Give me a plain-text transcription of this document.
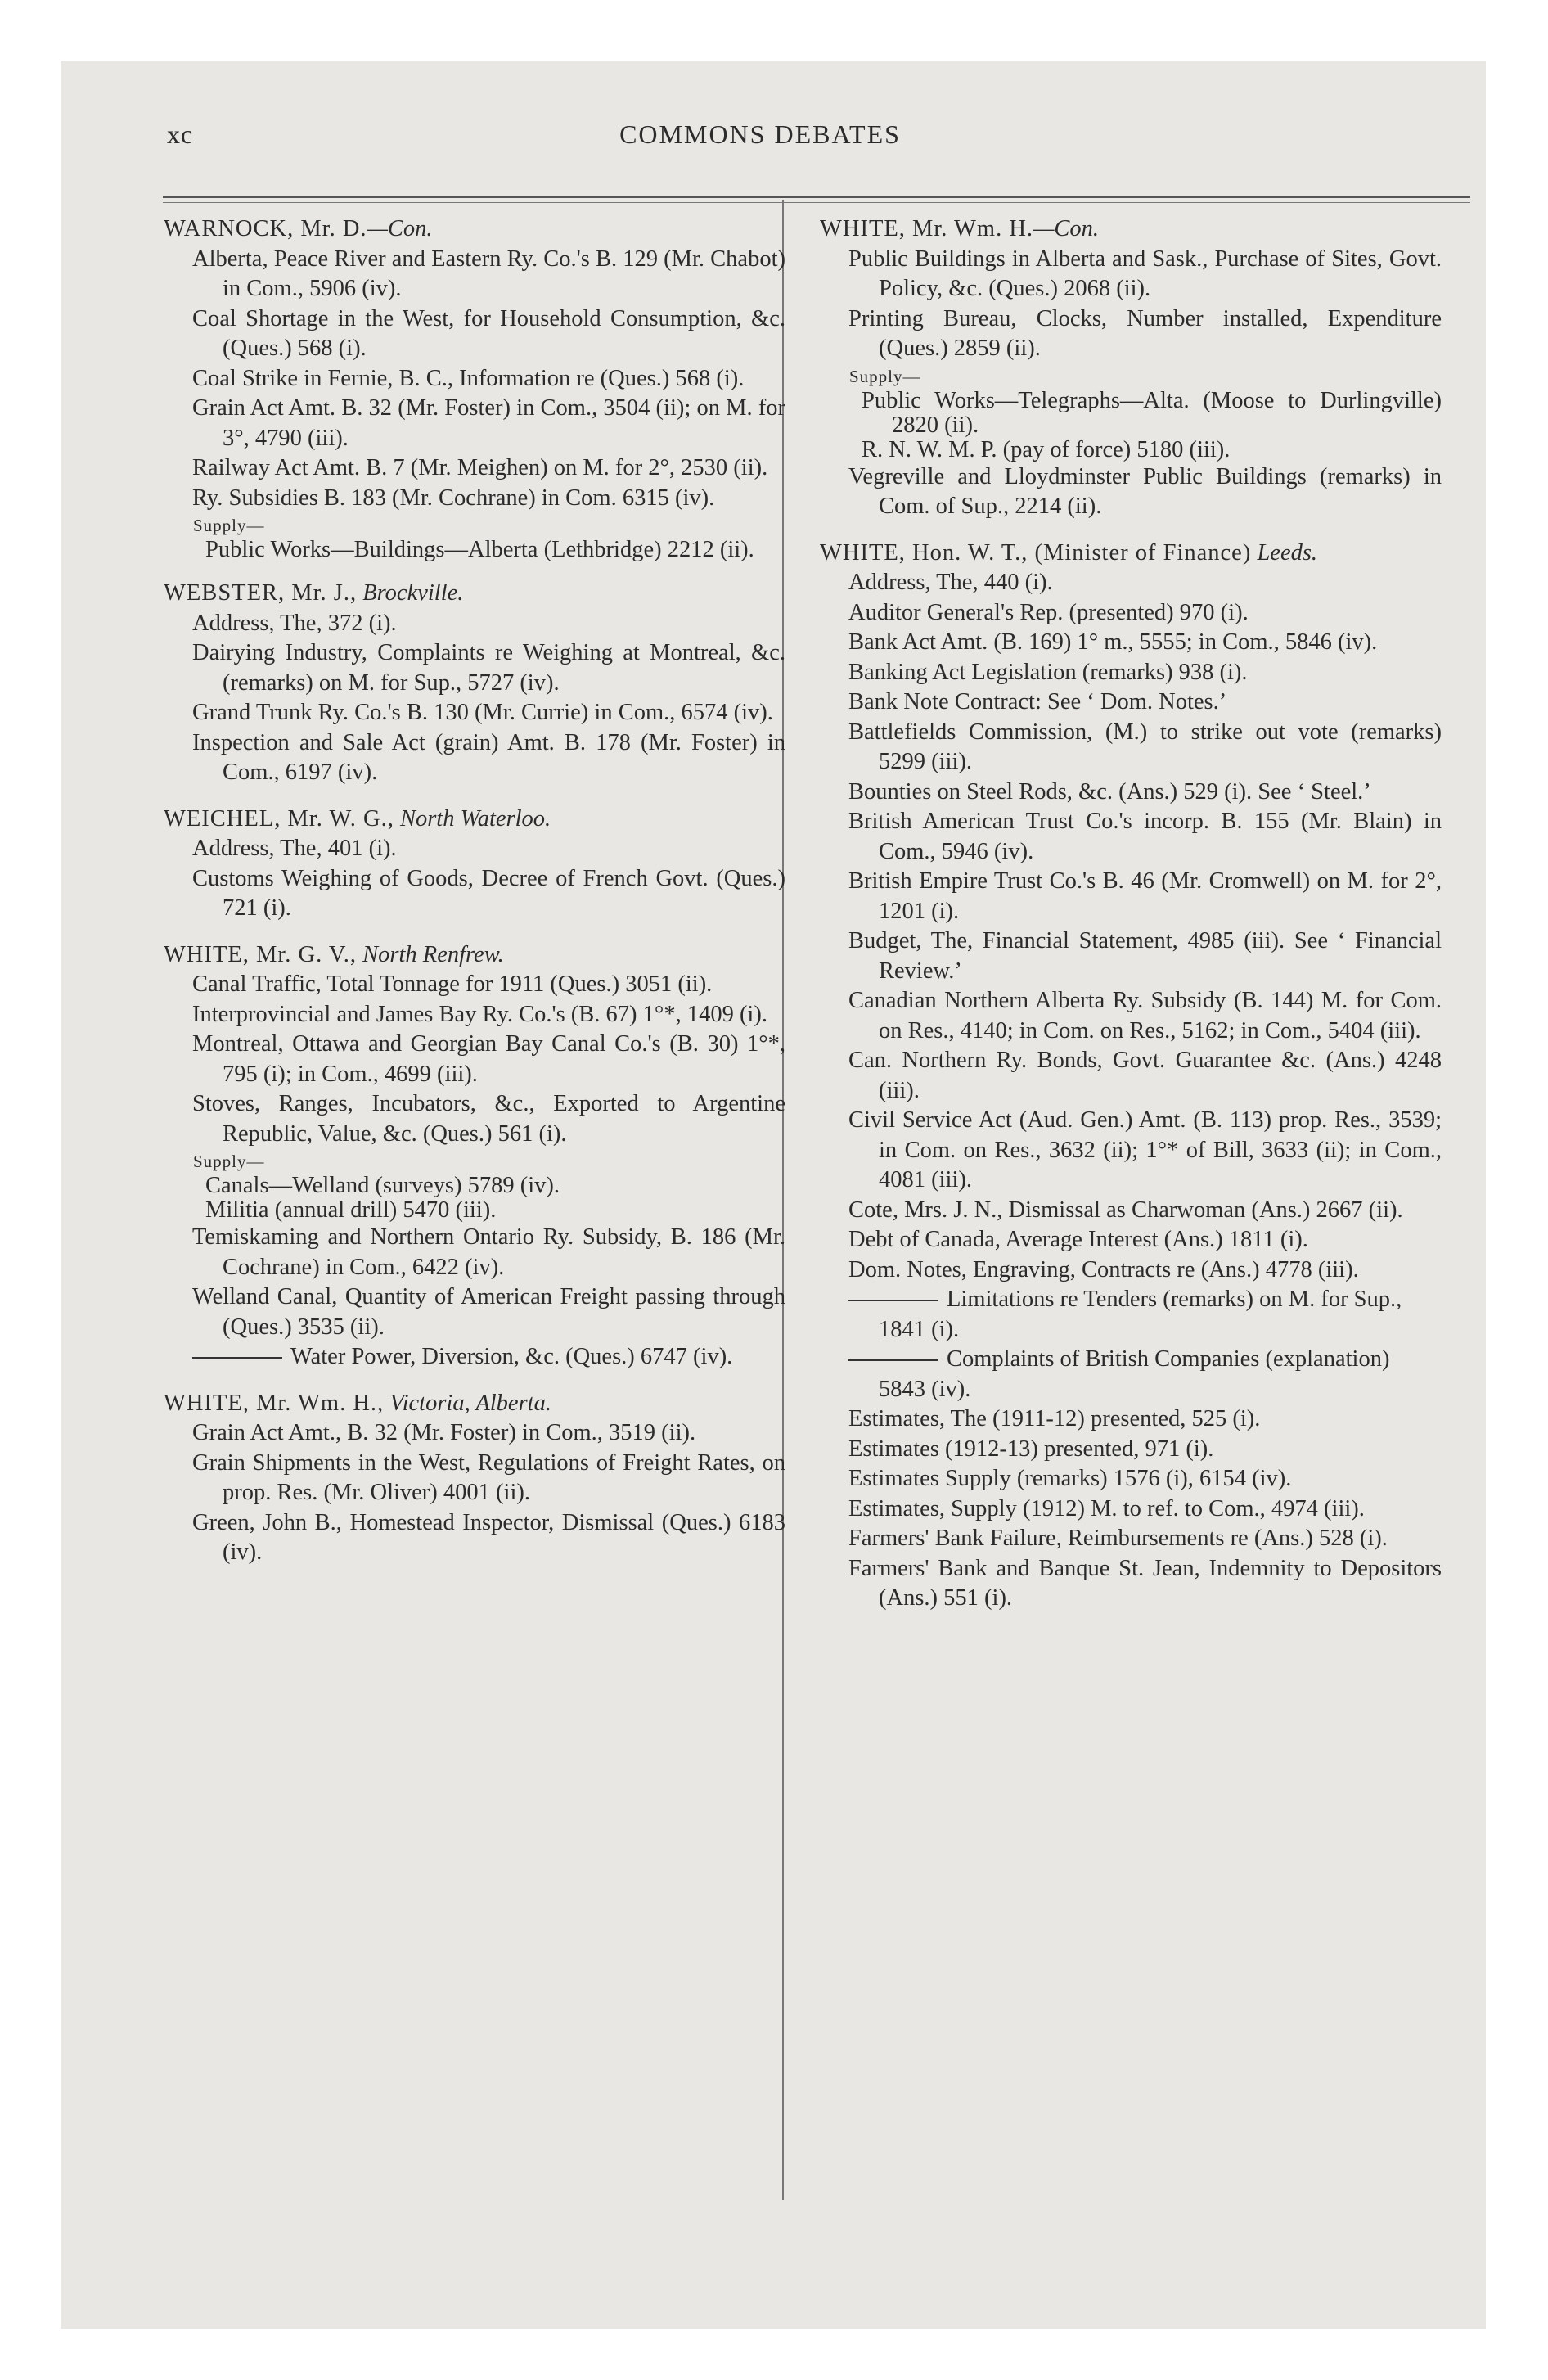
xc	COMMONS DEBATES
WARNOCK, Mr. D.—Con.
Alberta, Peace River and Eastern Ry. Co.'s B. 129 (Mr. Chabot) in Com., 5906 (iv).
Coal Shortage in the West, for Household Consumption, &c. (Ques.) 568 (i).
Coal Strike in Fernie, B. C., Information re (Ques.) 568 (i).
Grain Act Amt. B. 32 (Mr. Foster) in Com., 3504 (ii); on M. for 3°, 4790 (iii).
Railway Act Amt. B. 7 (Mr. Meighen) on M. for 2°, 2530 (ii).
Ry. Subsidies B. 183 (Mr. Cochrane) in Com. 6315 (iv).
Supply—
Public Works—Buildings—Alberta (Lethbridge) 2212 (ii).
WEBSTER, Mr. J., Brockville.
Address, The, 372 (i).
Dairying Industry, Complaints re Weighing at Montreal, &c. (remarks) on M. for Sup., 5727 (iv).
Grand Trunk Ry. Co.'s B. 130 (Mr. Currie) in Com., 6574 (iv).
Inspection and Sale Act (grain) Amt. B. 178 (Mr. Foster) in Com., 6197 (iv).
WEICHEL, Mr. W. G., North Waterloo.
Address, The, 401 (i).
Customs Weighing of Goods, Decree of French Govt. (Ques.) 721 (i).
WHITE, Mr. G. V., North Renfrew.
Canal Traffic, Total Tonnage for 1911 (Ques.) 3051 (ii).
Interprovincial and James Bay Ry. Co.'s (B. 67) 1°*, 1409 (i).
Montreal, Ottawa and Georgian Bay Canal Co.'s (B. 30) 1°*, 795 (i); in Com., 4699 (iii).
Stoves, Ranges, Incubators, &c., Exported to Argentine Republic, Value, &c. (Ques.) 561 (i).
Supply—
Canals—Welland (surveys) 5789 (iv).
Militia (annual drill) 5470 (iii).
Temiskaming and Northern Ontario Ry. Subsidy, B. 186 (Mr. Cochrane) in Com., 6422 (iv).
Welland Canal, Quantity of American Freight passing through (Ques.) 3535 (ii).
Water Power, Diversion, &c. (Ques.) 6747 (iv).
WHITE, Mr. Wm. H., Victoria, Alberta.
Grain Act Amt., B. 32 (Mr. Foster) in Com., 3519 (ii).
Grain Shipments in the West, Regulations of Freight Rates, on prop. Res. (Mr. Oliver) 4001 (ii).
Green, John B., Homestead Inspector, Dismissal (Ques.) 6183 (iv).
WHITE, Mr. Wm. H.—Con.
Public Buildings in Alberta and Sask., Purchase of Sites, Govt. Policy, &c. (Ques.) 2068 (ii).
Printing Bureau, Clocks, Number installed, Expenditure (Ques.) 2859 (ii).
Supply—
Public Works—Telegraphs—Alta. (Moose to Durlingville) 2820 (ii).
R. N. W. M. P. (pay of force) 5180 (iii).
Vegreville and Lloydminster Public Buildings (remarks) in Com. of Sup., 2214 (ii).
WHITE, Hon. W. T., (Minister of Finance) Leeds.
Address, The, 440 (i).
Auditor General's Rep. (presented) 970 (i).
Bank Act Amt. (B. 169) 1° m., 5555; in Com., 5846 (iv).
Banking Act Legislation (remarks) 938 (i).
Bank Note Contract: See ‘ Dom. Notes.’
Battlefields Commission, (M.) to strike out vote (remarks) 5299 (iii).
Bounties on Steel Rods, &c. (Ans.) 529 (i). See ‘ Steel.’
British American Trust Co.'s incorp. B. 155 (Mr. Blain) in Com., 5946 (iv).
British Empire Trust Co.'s B. 46 (Mr. Cromwell) on M. for 2°, 1201 (i).
Budget, The, Financial Statement, 4985 (iii). See ‘ Financial Review.’
Canadian Northern Alberta Ry. Subsidy (B. 144) M. for Com. on Res., 4140; in Com. on Res., 5162; in Com., 5404 (iii).
Can. Northern Ry. Bonds, Govt. Guarantee &c. (Ans.) 4248 (iii).
Civil Service Act (Aud. Gen.) Amt. (B. 113) prop. Res., 3539; in Com. on Res., 3632 (ii); 1°* of Bill, 3633 (ii); in Com., 4081 (iii).
Cote, Mrs. J. N., Dismissal as Charwoman (Ans.) 2667 (ii).
Debt of Canada, Average Interest (Ans.) 1811 (i).
Dom. Notes, Engraving, Contracts re (Ans.) 4778 (iii).
Limitations re Tenders (remarks) on M. for Sup., 1841 (i).
Complaints of British Companies (explanation) 5843 (iv).
Estimates, The (1911-12) presented, 525 (i).
Estimates (1912-13) presented, 971 (i).
Estimates Supply (remarks) 1576 (i), 6154 (iv).
Estimates, Supply (1912) M. to ref. to Com., 4974 (iii).
Farmers' Bank Failure, Reimbursements re (Ans.) 528 (i).
Farmers' Bank and Banque St. Jean, Indemnity to Depositors (Ans.) 551 (i).
